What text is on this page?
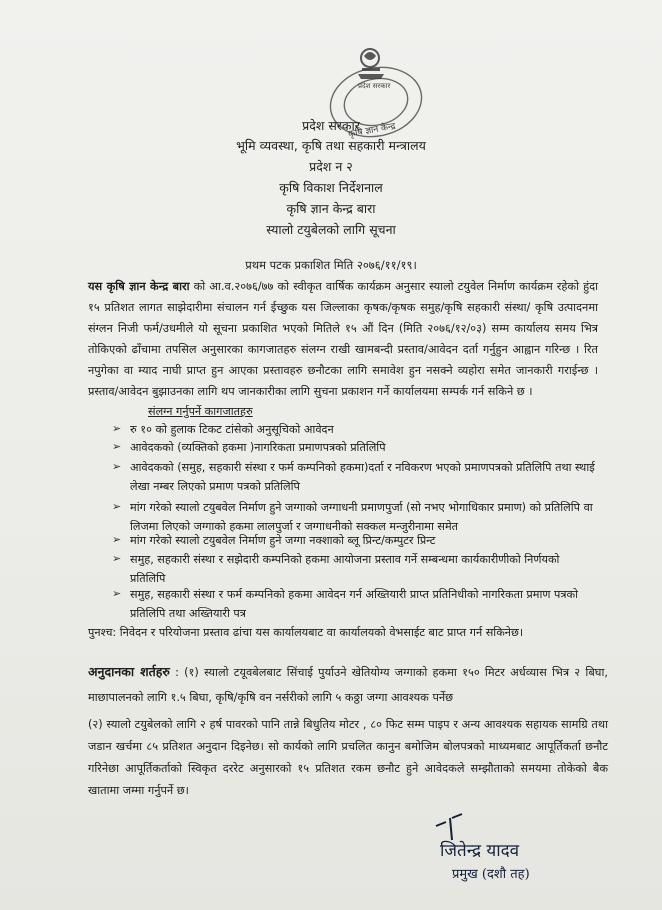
प्रदेश सरकार
कृषि ज्ञान केन्द्र
प्रदेश सरकार
भूमि व्यवस्था, कृषि तथा सहकारी मन्त्रालय
प्रदेश न २
कृषि विकाश निर्देशनाल
कृषि ज्ञान केन्द्र बारा
स्यालो टयुबेलको लागि सूचना
प्रथम पटक प्रकाशित मिति २०७६/११/१९।
यस कृषि ज्ञान केन्द्र बारा को आ.व.२०७६/७७ को स्वीकृत वार्षिक कार्यक्रम अनुसार स्यालो टयुवेल निर्माण कार्यक्रम रहेको हुंदा १५ प्रतिशत लागत साझेदारीमा संचालन गर्न ईच्छुक यस जिल्लाका कृषक/कृषक समुह/कृषि सहकारी संस्था/ कृषि उत्पादनमा संग्लन निजी फर्म/उधमीले यो सूचना प्रकाशित भएको मितिले १५ औं दिन (मिति २०७६/१२/०३) सम्म कार्यालय समय भित्र तोकिएको ढाँचामा तपसिल अनुसारका कागजातहरु संलग्न राखी खामबन्दी प्रस्ताव/आवेदन दर्ता गर्नुहुन आह्वान गरिन्छ । रित नपुगेका वा म्याद नाघी प्राप्त हुन आएका प्रस्तावहरु छनौटका लागि समावेश हुन नसक्ने व्यहोरा समेत जानकारी गराईन्छ ।प्रस्ताव/आवेदन बुझाउनका लागि थप जानकारीका लागि सुचना प्रकाशन गर्ने कार्यालयमा सम्पर्क गर्न सकिने छ ।
संलग्न गर्नुपर्ने कागजातहरु
➢ रु १० को हुलाक टिकट टांसेको अनुसूचिको आवेदन
➢ आवेदकको (व्यक्तिको हकमा )नागरिकता प्रमाणपत्रको प्रतिलिपि
➢ आवेदकको (समुह, सहकारी संस्था र फर्म कम्पनिको हकमा)दर्ता र नविकरण भएको प्रमाणपत्रको प्रतिलिपि तथा स्थाई लेखा नम्बर लिएको प्रमाण पत्रको प्रतिलिपि
➢ मांग गरेको स्यालो टयुबवेल निर्माण हुने जग्गाको जग्गाधनी प्रमाणपुर्जा (सो नभए भोगाधिकार प्रमाण) को प्रतिलिपि वा लिजमा लिएको जग्गाको हकमा लालपुर्जा र जग्गाधनीको सक्कल मन्जुरीनामा समेत
➢ मांग गरेको स्यालो टयुबवेल निर्माण हुने जग्गा नक्शाको ब्लू प्रिन्ट/कम्पुटर प्रिन्ट
➢ समुह, सहकारी संस्था र सझेदारी कम्पनिको हकमा आयोजना प्रस्ताव गर्ने सम्बन्धमा कार्यकारीणीको निर्णयको प्रतिलिपि
➢ समुह, सहकारी संस्था र फर्म कम्पनिको हकमा आवेदन गर्न अख्तियारी प्राप्त प्रतिनिधीको नागरिकता प्रमाण पत्रको प्रतिलिपि तथा अख्तियारी पत्र
पुनश्च: निवेदन र परियोजना प्रस्ताव ढांचा यस कार्यालयबाट वा कार्यालयको वेभसाईट बाट प्राप्त गर्न सकिनेछ।
अनुदानका शर्तहरु : (१) स्यालो टयूवबेलबाट सिंचाई पुर्याउने खेतियोग्य जग्गाको हकमा १५० मिटर अर्धव्यास भित्र २ बिघा, माछापालनको लागि १.५ बिघा, कृषि/कृषि वन नर्सरीको लागि ५ कठ्ठा जग्गा आवश्यक पर्नेछ
(२) स्यालो टयुबेलको लागि २ हर्ष पावरको पानि तान्ने बिधुतिय मोटर , ८० फिट सम्म पाइप र अन्य आवश्यक सहायक सामग्रि तथा जडान खर्चमा ८५ प्रतिशत अनुदान दिइनेछ। सो कार्यको लागि प्रचलित कानुन बमोजिम बोलपत्रको माध्यमबाट आपूर्तिकर्ता छनौट गरिनेछा आपूर्तिकर्ताको स्विकृत दररेट अनुसारको १५ प्रतिशत रकम छनौट हुने आवेदकले सम्झौताको समयमा तोकेको बैक खातामा जम्मा गर्नुपर्ने छ।
जितेन्द्र यादव
प्रमुख (दशौ तह)
